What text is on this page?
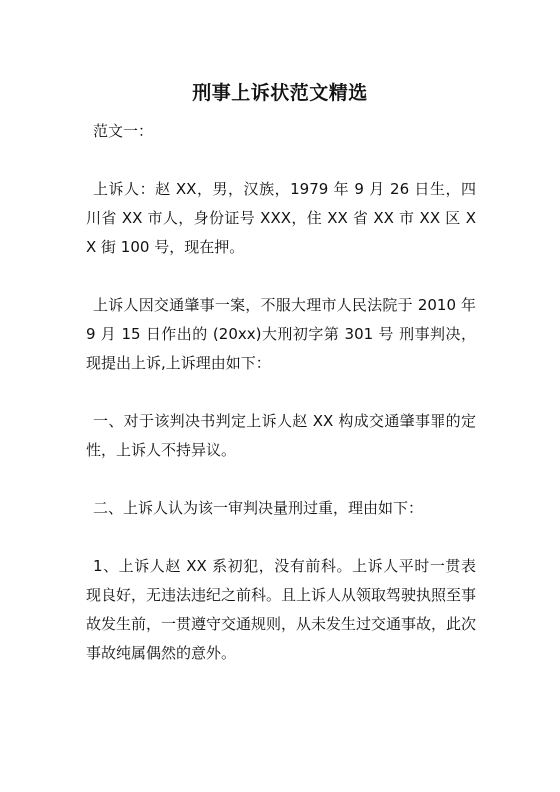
刑事上诉状范文精选

范文一：

上诉人：赵 XX，男，汉族，1979 年 9 月 26 日生，四川省 XX 市人，身份证号 XXX，住 XX 省 XX 市 XX 区 XX 街 100 号，现在押。

上诉人因交通肇事一案，不服大理市人民法院于 2010 年 9 月 15 日作出的 (20xx)大刑初字第 301 号 刑事判决，现提出上诉,上诉理由如下：

一、对于该判决书判定上诉人赵 XX 构成交通肇事罪的定性，上诉人不持异议。

二、上诉人认为该一审判决量刑过重，理由如下：

1、上诉人赵 XX 系初犯，没有前科。上诉人平时一贯表现良好，无违法违纪之前科。且上诉人从领取驾驶执照至事故发生前，一贯遵守交通规则，从未发生过交通事故，此次事故纯属偶然的意外。
